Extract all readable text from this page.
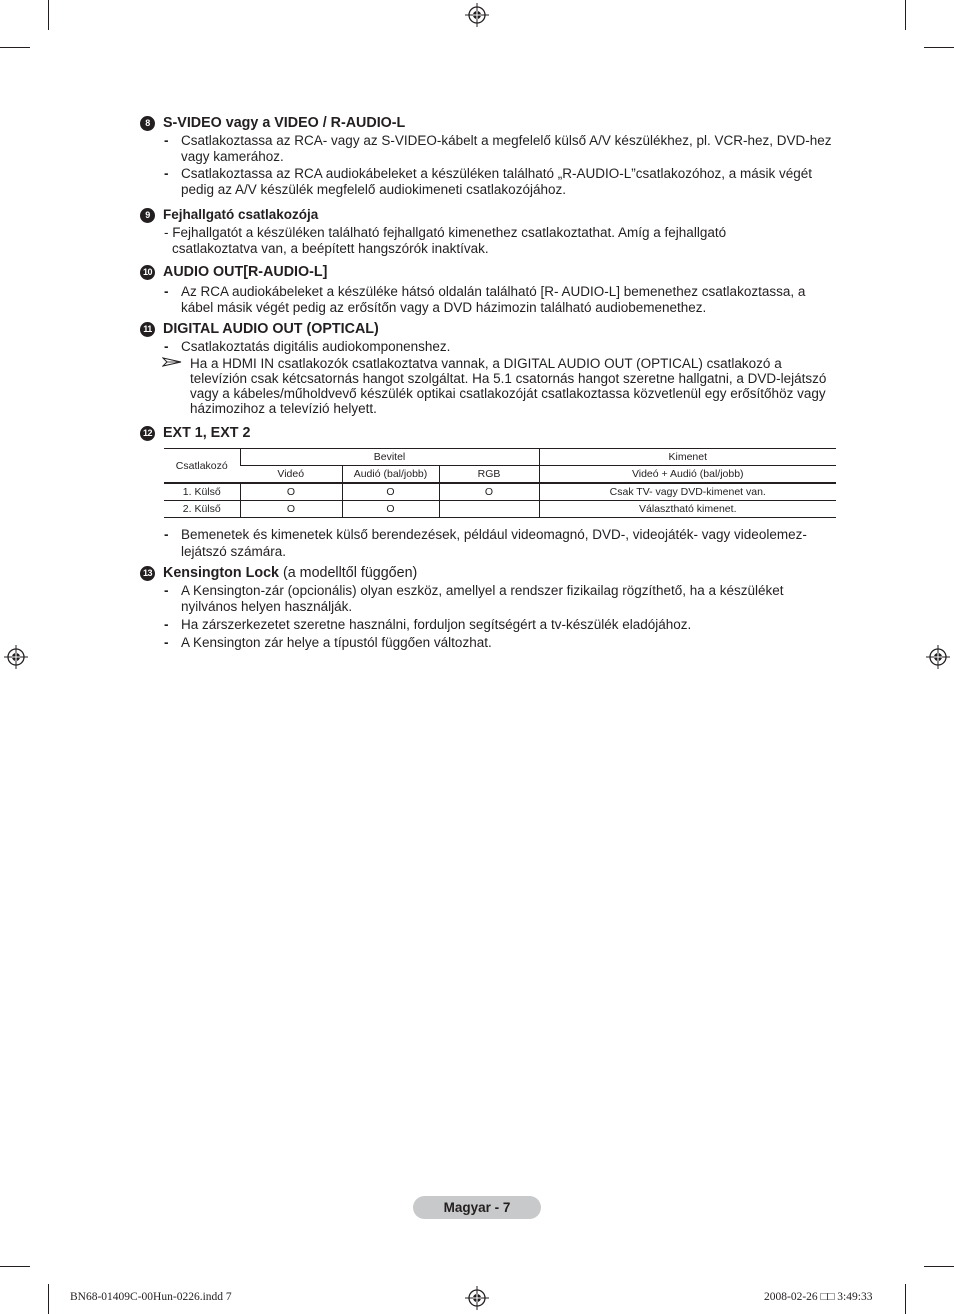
8 S-VIDEO vagy a VIDEO / R-AUDIO-L
- Csatlakoztassa az RCA- vagy az S-VIDEO-kábelt a megfelelő külső A/V készülékhez, pl. VCR-hez, DVD-hez vagy kamerához.
- Csatlakoztassa az RCA audiokábeleket a készüléken található „R-AUDIO-L”csatlakozóhoz, a másik végét pedig az A/V készülék megfelelő audiokimeneti csatlakozójához.
9 Fejhallgató csatlakozója
- Fejhallgatót a készüléken található fejhallgató kimenethez csatlakoztathat. Amíg a fejhallgató
csatlakoztatva van, a beépített hangszórók inaktívak.
10 AUDIO OUT[R-AUDIO-L]
- Az RCA audiokábeleket a készüléke hátsó oldalán található [R- AUDIO-L] bemenethez csatlakoztassa, a kábel másik végét pedig az erősítőn vagy a DVD házimozin található audiobemenethez.
11 DIGITAL AUDIO OUT (OPTICAL)
- Csatlakoztatás digitális audiokomponenshez.
Ha a HDMI IN csatlakozók csatlakoztatva vannak, a DIGITAL AUDIO OUT (OPTICAL) csatlakozó a televízión csak kétcsatornás hangot szolgáltat. Ha 5.1 csatornás hangot szeretne hallgatni, a DVD-lejátszó vagy a kábeles/műholdvevő készülék optikai csatlakozóját csatlakoztassa közvetlenül egy erősítőhöz vagy házimozihoz a televízió helyett.
12 EXT 1, EXT 2
Csatlakozó	Bevitel			Kimenet
	Videó	Audió (bal/jobb)	RGB	Videó + Audió (bal/jobb)
1. Külső	O	O	O	Csak TV- vagy DVD-kimenet van.
2. Külső	O	O		Választható kimenet.
- Bemenetek és kimenetek külső berendezések, például videomagnó, DVD-, videojáték- vagy videolemez-lejátszó számára.
13 Kensington Lock (a modelltől függően)
- A Kensington-zár (opcionális) olyan eszköz, amellyel a rendszer fizikailag rögzíthető, ha a készüléket nyilvános helyen használják.
- Ha zárszerkezetet szeretne használni, forduljon segítségért a tv-készülék eladójához.
- A Kensington zár helye a típustól függően változhat.
Magyar - 7
BN68-01409C-00Hun-0226.indd 7	2008-02-26 □□ 3:49:33
